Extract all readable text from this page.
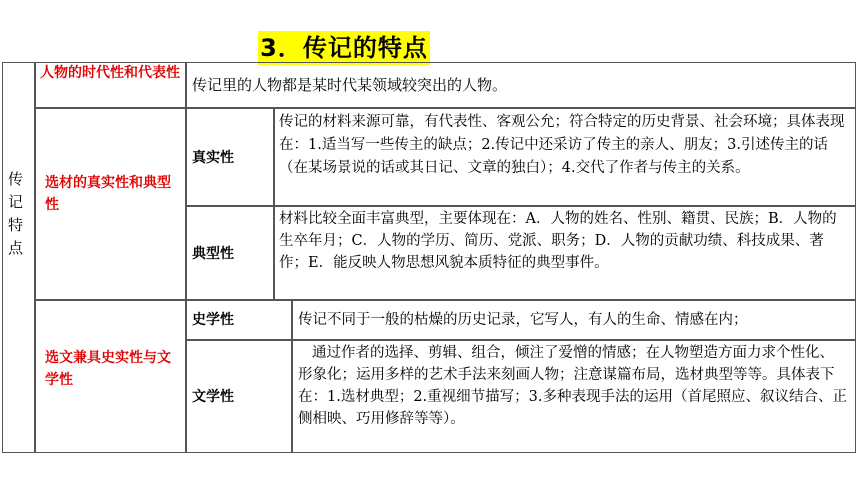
3．传记的特点
传记特点
人物的时代性和代表性
传记里的人物都是某时代某领域较突出的人物。
选材的真实性和典型性
真实性
传记的材料来源可靠，有代表性、客观公允；符合特定的历史背景、社会环境；具体表现在：1.适当写一些传主的缺点；2.传记中还采访了传主的亲人、朋友；3.引述传主的话（在某场景说的话或其日记、文章的独白）；4.交代了作者与传主的关系。
典型性
材料比较全面丰富典型，主要体现在：A．人物的姓名、性别、籍贯、民族；B．人物的生卒年月；C．人物的学历、简历、党派、职务；D．人物的贡献功绩、科技成果、著作；E．能反映人物思想风貌本质特征的典型事件。
选文兼具史实性与文学性
史学性	传记不同于一般的枯燥的历史记录，它写人，有人的生命、情感在内；
文学性
通过作者的选择、剪辑、组合，倾注了爱憎的情感；在人物塑造方面力求个性化、形象化；运用多样的艺术手法来刻画人物；注意谋篇布局，选材典型等等。具体表下在：1.选材典型；2.重视细节描写；3.多种表现手法的运用（首尾照应、叙议结合、正侧相映、巧用修辞等等）。
